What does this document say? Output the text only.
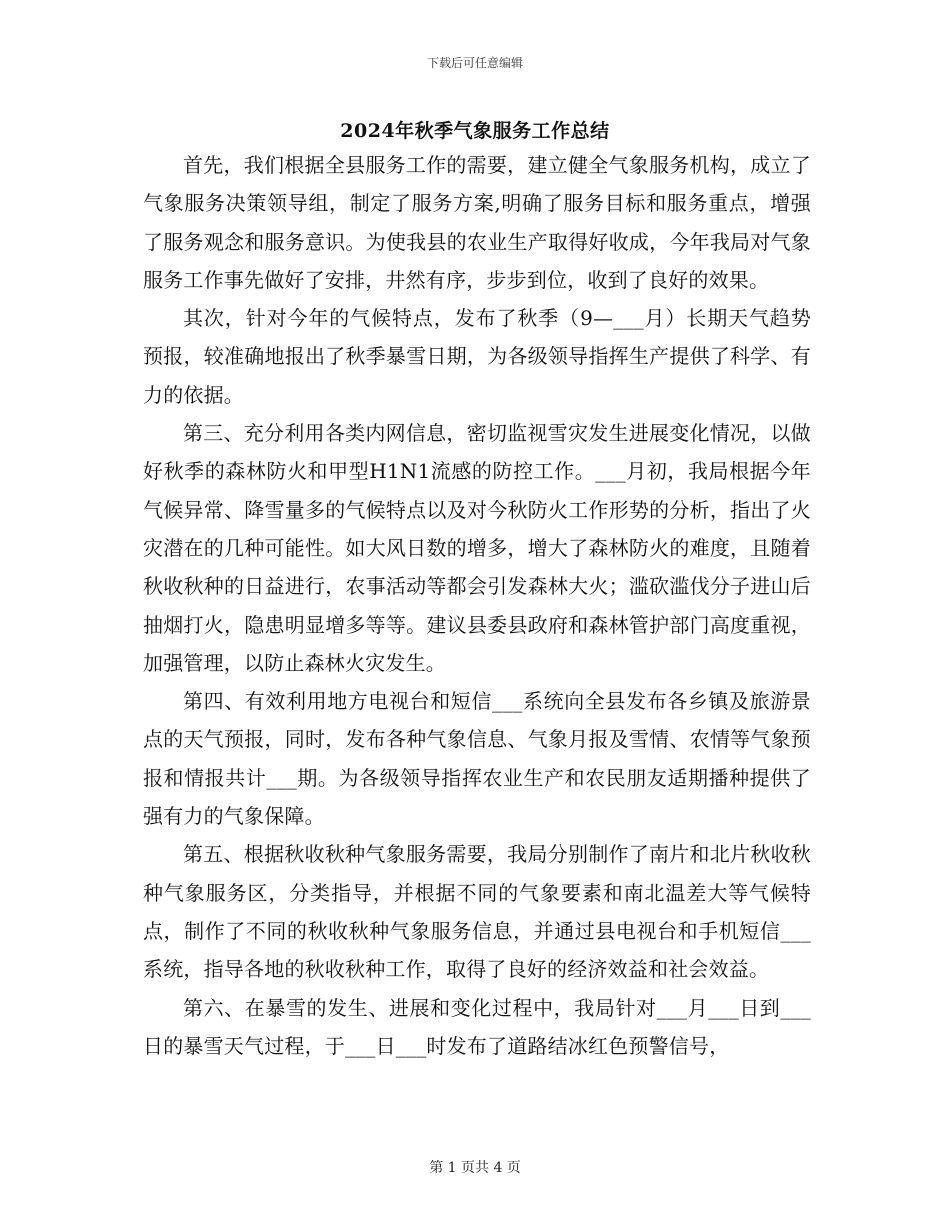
下载后可任意编辑
2024年秋季气象服务工作总结

首先，我们根据全县服务工作的需要，建立健全气象服务机构，成立了气象服务决策领导组，制定了服务方案,明确了服务目标和服务重点，增强了服务观念和服务意识。为使我县的农业生产取得好收成，今年我局对气象服务工作事先做好了安排，井然有序，步步到位，收到了良好的效果。

其次，针对今年的气候特点，发布了秋季（9—___月）长期天气趋势预报，较准确地报出了秋季暴雪日期，为各级领导指挥生产提供了科学、有力的依据。

第三、充分利用各类内网信息，密切监视雪灾发生进展变化情况，以做好秋季的森林防火和甲型H1N1流感的防控工作。___月初，我局根据今年气候异常、降雪量多的气候特点以及对今秋防火工作形势的分析，指出了火灾潜在的几种可能性。如大风日数的增多，增大了森林防火的难度，且随着秋收秋种的日益进行，农事活动等都会引发森林大火；滥砍滥伐分子进山后抽烟打火，隐患明显增多等等。建议县委县政府和森林管护部门高度重视，加强管理，以防止森林火灾发生。

第四、有效利用地方电视台和短信___系统向全县发布各乡镇及旅游景点的天气预报，同时，发布各种气象信息、气象月报及雪情、农情等气象预报和情报共计___期。为各级领导指挥农业生产和农民朋友适期播种提供了强有力的气象保障。

第五、根据秋收秋种气象服务需要，我局分别制作了南片和北片秋收秋种气象服务区，分类指导，并根据不同的气象要素和南北温差大等气候特点，制作了不同的秋收秋种气象服务信息，并通过县电视台和手机短信___系统，指导各地的秋收秋种工作，取得了良好的经济效益和社会效益。

第六、在暴雪的发生、进展和变化过程中，我局针对___月___日到___日的暴雪天气过程，于___日___时发布了道路结冰红色预警信号，

第 1 页共 4 页
